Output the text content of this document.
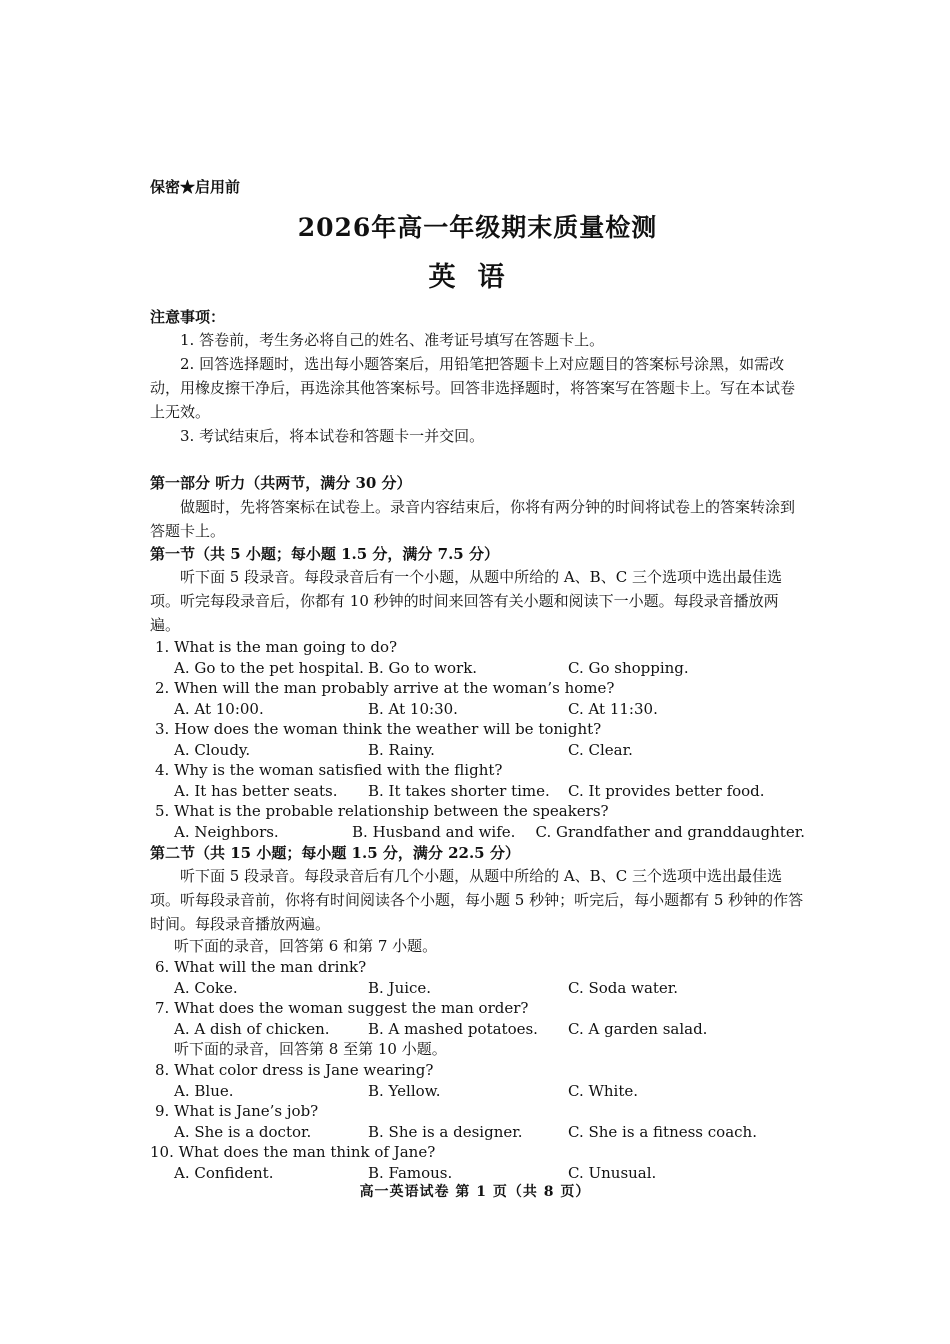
保密★启用前
2026年高一年级期末质量检测
英语
注意事项：
1. 答卷前，考生务必将自己的姓名、准考证号填写在答题卡上。
2. 回答选择题时，选出每小题答案后，用铅笔把答题卡上对应题目的答案标号涂黑，如需改动，用橡皮擦干净后，再选涂其他答案标号。回答非选择题时，将答案写在答题卡上。写在本试卷上无效。
3. 考试结束后，将本试卷和答题卡一并交回。
第一部分 听力（共两节，满分 30 分）
做题时，先将答案标在试卷上。录音内容结束后，你将有两分钟的时间将试卷上的答案转涂到答题卡上。
第一节（共 5 小题；每小题 1.5 分，满分 7.5 分）
听下面 5 段录音。每段录音后有一个小题，从题中所给的 A、B、C 三个选项中选出最佳选项。听完每段录音后，你都有 10 秒钟的时间来回答有关小题和阅读下一小题。每段录音播放两遍。
1. What is the man going to do?
A. Go to the pet hospital. B. Go to work.	C. Go shopping.
2. When will the man probably arrive at the woman’s home?
A. At 10:00.	B. At 10:30.	C. At 11:30.
3. How does the woman think the weather will be tonight?
A. Cloudy.	B. Rainy.	C. Clear.
4. Why is the woman satisfied with the flight?
A. It has better seats.	B. It takes shorter time.	C. It provides better food.
5. What is the probable relationship between the speakers?
A. Neighbors.	B. Husband and wife.	C. Grandfather and granddaughter.
第二节（共 15 小题；每小题 1.5 分，满分 22.5 分）
听下面 5 段录音。每段录音后有几个小题，从题中所给的 A、B、C 三个选项中选出最佳选项。听每段录音前，你将有时间阅读各个小题，每小题 5 秒钟；听完后，每小题都有 5 秒钟的作答时间。每段录音播放两遍。
听下面的录音，回答第 6 和第 7 小题。
6. What will the man drink?
A. Coke.	B. Juice.	C. Soda water.
7. What does the woman suggest the man order?
A. A dish of chicken.	B. A mashed potatoes.	C. A garden salad.
听下面的录音，回答第 8 至第 10 小题。
8. What color dress is Jane wearing?
A. Blue.	B. Yellow.	C. White.
9. What is Jane’s job?
A. She is a doctor.	B. She is a designer.	C. She is a fitness coach.
10. What does the man think of Jane?
A. Confident.	B. Famous.	C. Unusual.
高一英语试卷 第 1 页（共 8 页）
